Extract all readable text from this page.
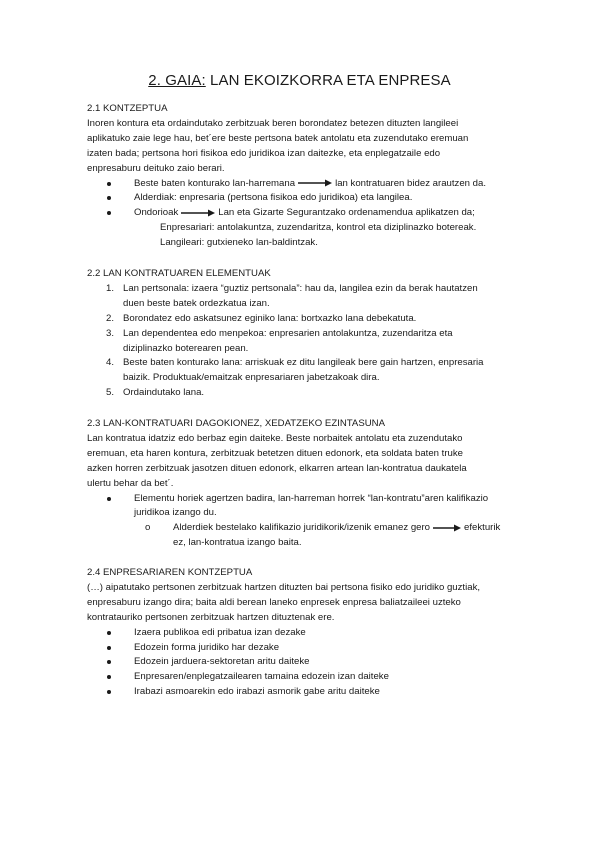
2. GAIA: LAN EKOIZKORRA ETA ENPRESA

2.1 KONTZEPTUA

Inoren kontura eta ordaindutako zerbitzuak beren borondatez betezen dituzten langileei

aplikatuko zaie lege hau, bet´ere beste pertsona batek antolatu eta zuzendutako eremuan

izaten bada; pertsona hori fisikoa edo juridikoa izan daitezke, eta enplegatzaile edo

enpresaburu deituko zaio berari.

Beste baten konturako lan-harremana	lan kontratuaren bidez arautzen da.
Alderdiak: enpresaria (pertsona fisikoa edo juridikoa) eta langilea.
Ondorioak	Lan eta Gizarte Segurantzako ordenamendua aplikatzen da;

Enpresariari: antolakuntza, zuzendaritza, kontrol eta diziplinazko botereak.

Langileari: gutxieneko lan-baldintzak.

2.2 LAN KONTRATUAREN ELEMENTUAK

1. Lan pertsonala: izaera “guztiz pertsonala”: hau da, langilea ezin da berak hautatzen

duen beste batek ordezkatua izan.

2. Borondatez edo askatsunez eginiko lana: bortxazko lana debekatuta.

3. Lan dependentea edo menpekoa: enpresarien antolakuntza, zuzendaritza eta

diziplinazko boterearen pean.

4. Beste baten konturako lana: arriskuak ez ditu langileak bere gain hartzen, enpresaria

baizik. Produktuak/emaitzak enpresariaren jabetzakoak dira.

5. Ordaindutako lana.

2.3 LAN-KONTRATUARI DAGOKIONEZ, XEDATZEKO EZINTASUNA

Lan kontratua idatziz edo berbaz egin daiteke. Beste norbaitek antolatu eta zuzendutako

eremuan, eta haren kontura, zerbitzuak betetzen dituen edonork, eta soldata baten truke

azken horren zerbitzuak jasotzen dituen edonork, elkarren artean lan-kontratua daukatela

ulertu behar da bet´.

Elementu horiek agertzen badira, lan-harreman horrek “lan-kontratu”aren kalifikazio

juridikoa izango du.

o Alderdiek bestelako kalifikazio juridikorik/izenik emanez gero	efekturik

ez, lan-kontratua izango baita.

2.4 ENPRESARIAREN KONTZEPTUA

(…) aipatutako pertsonen zerbitzuak hartzen dituzten bai pertsona fisiko edo juridiko guztiak,

enpresaburu izango dira; baita aldi berean laneko enpresek enpresa baliatzaileei uzteko

kontratauriko pertsonen zerbitzuak hartzen dituztenak ere.

Izaera publikoa edi pribatua izan dezake
Edozein forma juridiko har dezake
Edozein jarduera-sektoretan aritu daiteke
Enpresaren/enplegatzailearen tamaina edozein izan daiteke
Irabazi asmoarekin edo irabazi asmorik gabe aritu daiteke
